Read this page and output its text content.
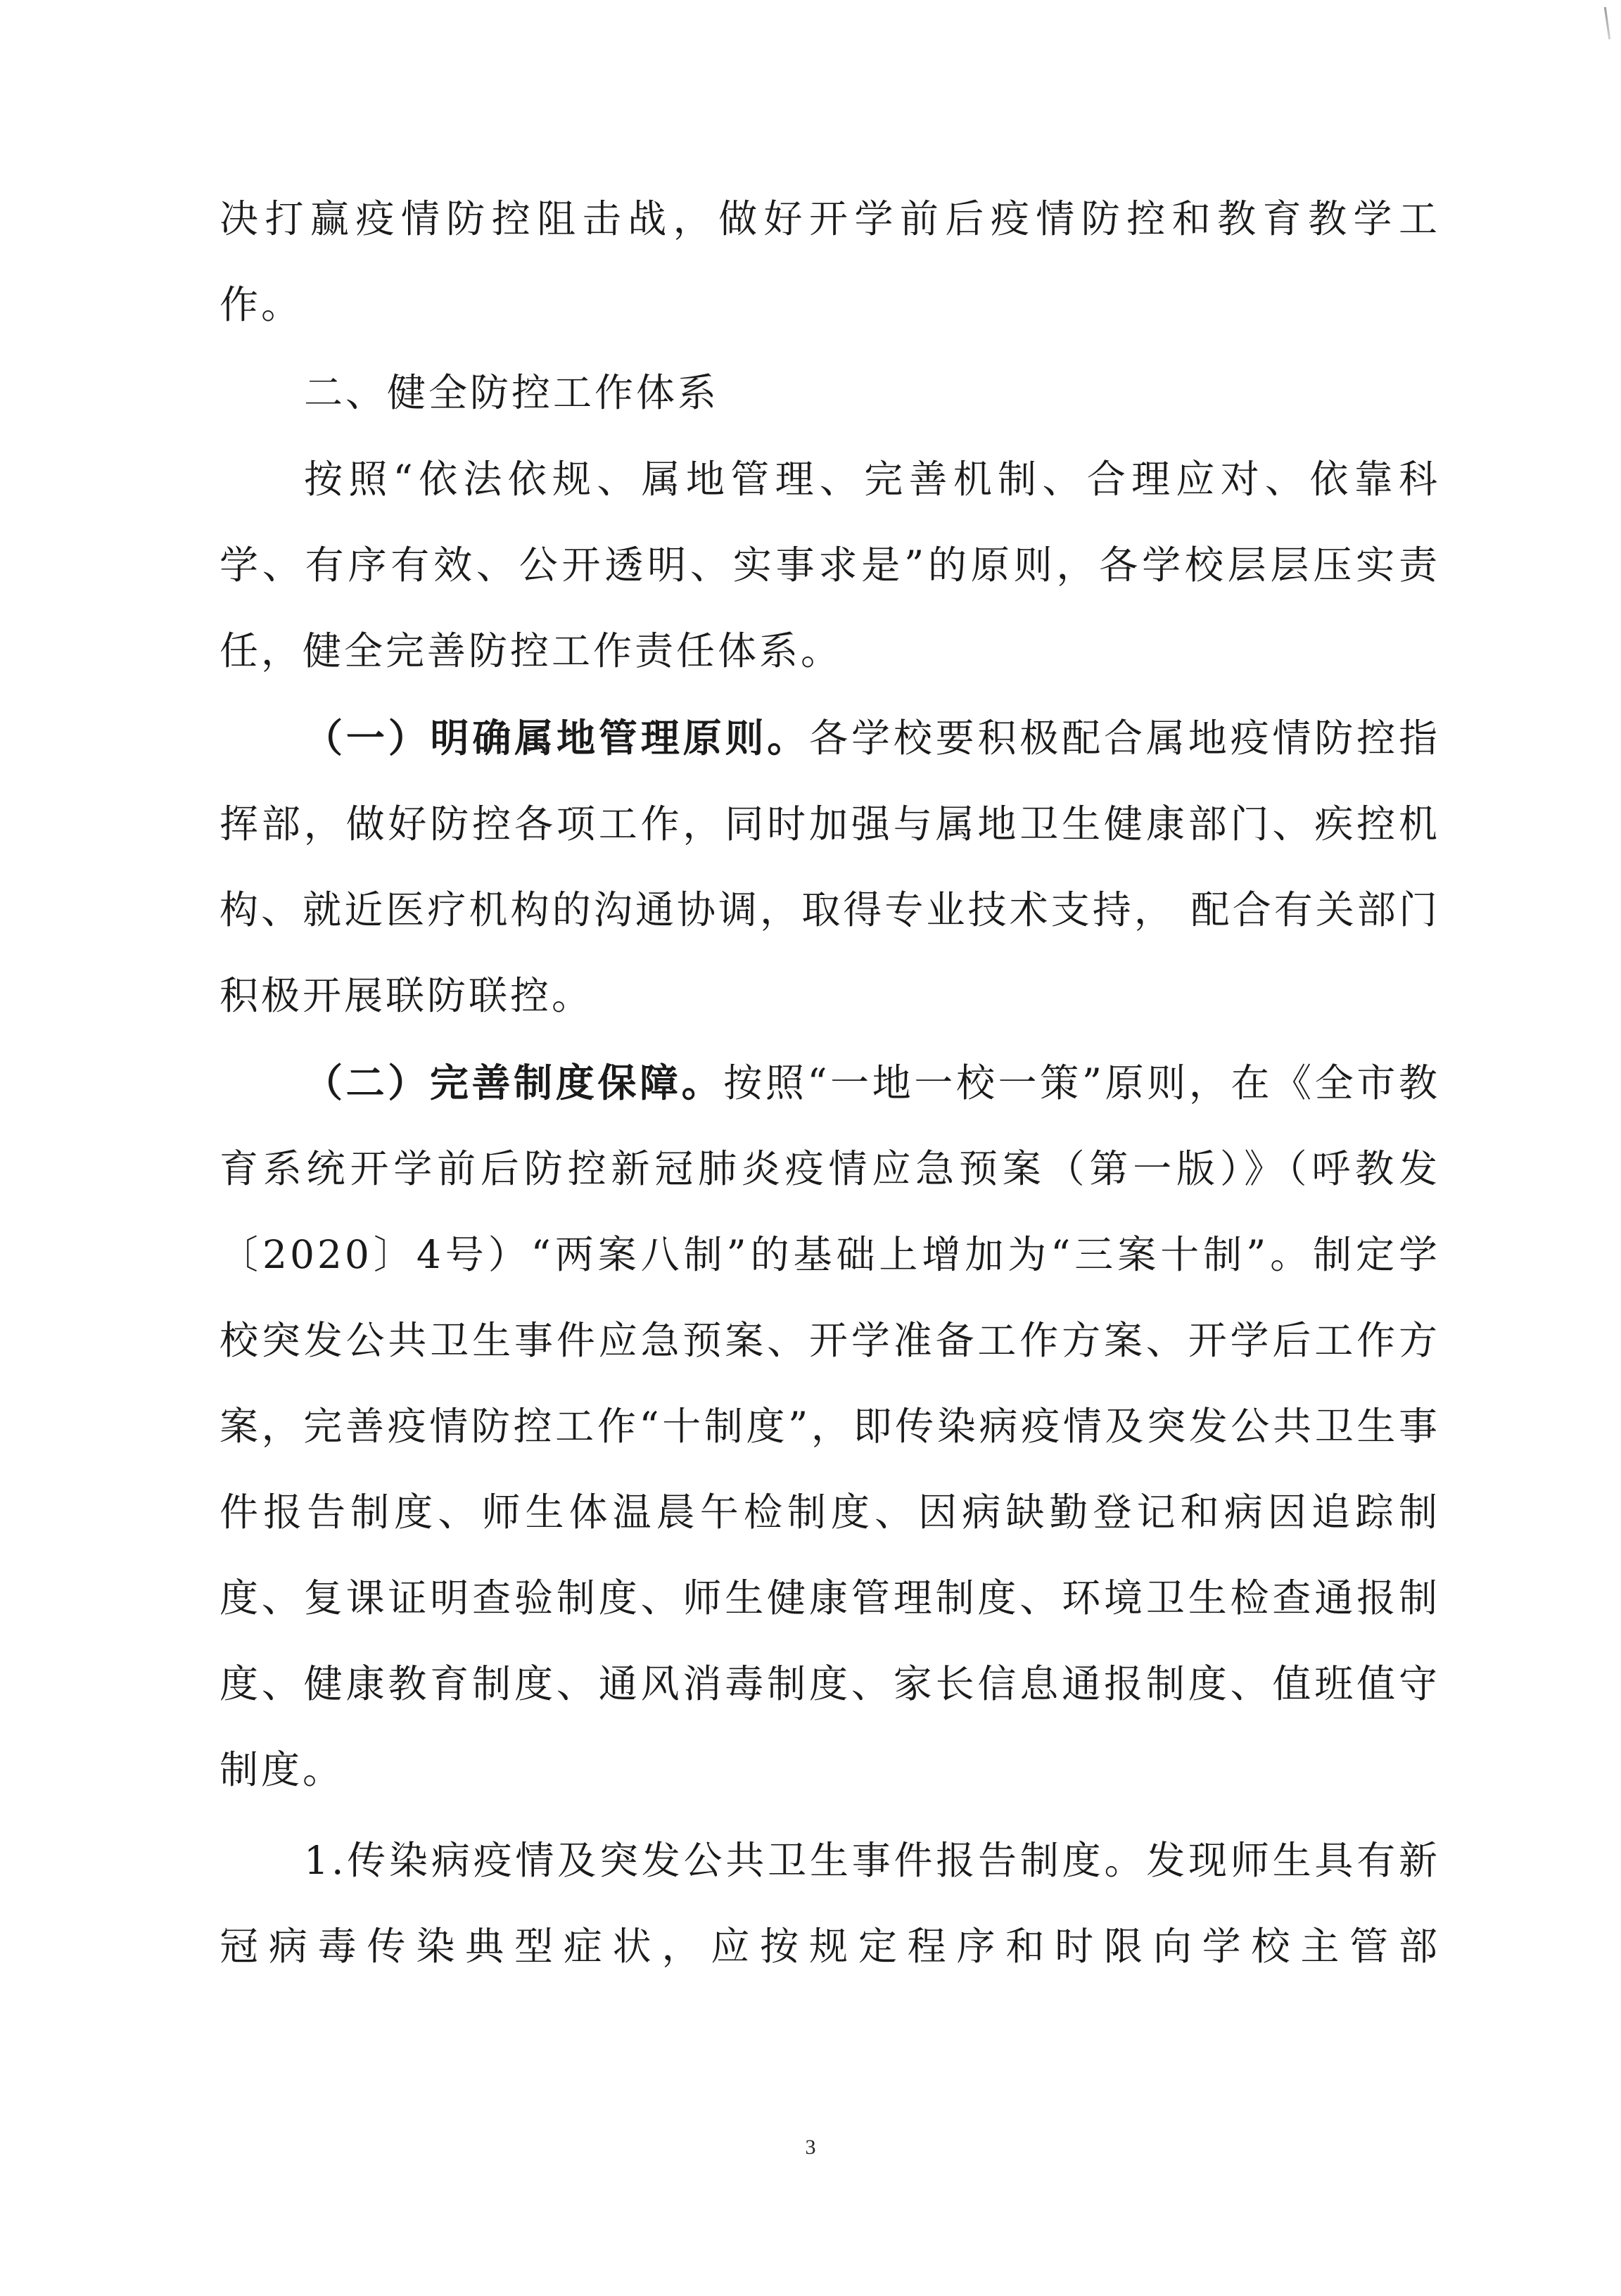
决打赢疫情防控阻击战，做好开学前后疫情防控和教育教学工

作。

二、健全防控工作体系

按照“依法依规、属地管理、完善机制、合理应对、依靠科学、有序有效、公开透明、实事求是”的原则，各学校层层压实责任，健全完善防控工作责任体系。

（一）明确属地管理原则。各学校要积极配合属地疫情防控指挥部，做好防控各项工作，同时加强与属地卫生健康部门、疾控机构、就近医疗机构的沟通协调，取得专业技术支持， 配合有关部门积极开展联防联控。

（二）完善制度保障。按照“一地一校一策”原则，在《全市教育系统开学前后防控新冠肺炎疫情应急预案（第一版）》（呼教发〔2020〕4号）“两案八制”的基础上增加为“三案十制”。制定学校突发公共卫生事件应急预案、开学准备工作方案、开学后工作方案，完善疫情防控工作“十制度”，即传染病疫情及突发公共卫生事件报告制度、师生体温晨午检制度、因病缺勤登记和病因追踪制度、复课证明查验制度、师生健康管理制度、环境卫生检查通报制度、健康教育制度、通风消毒制度、家长信息通报制度、值班值守制度。

1.传染病疫情及突发公共卫生事件报告制度。发现师生具有新冠病毒传染典型症状，应按规定程序和时限向学校主管部

3
